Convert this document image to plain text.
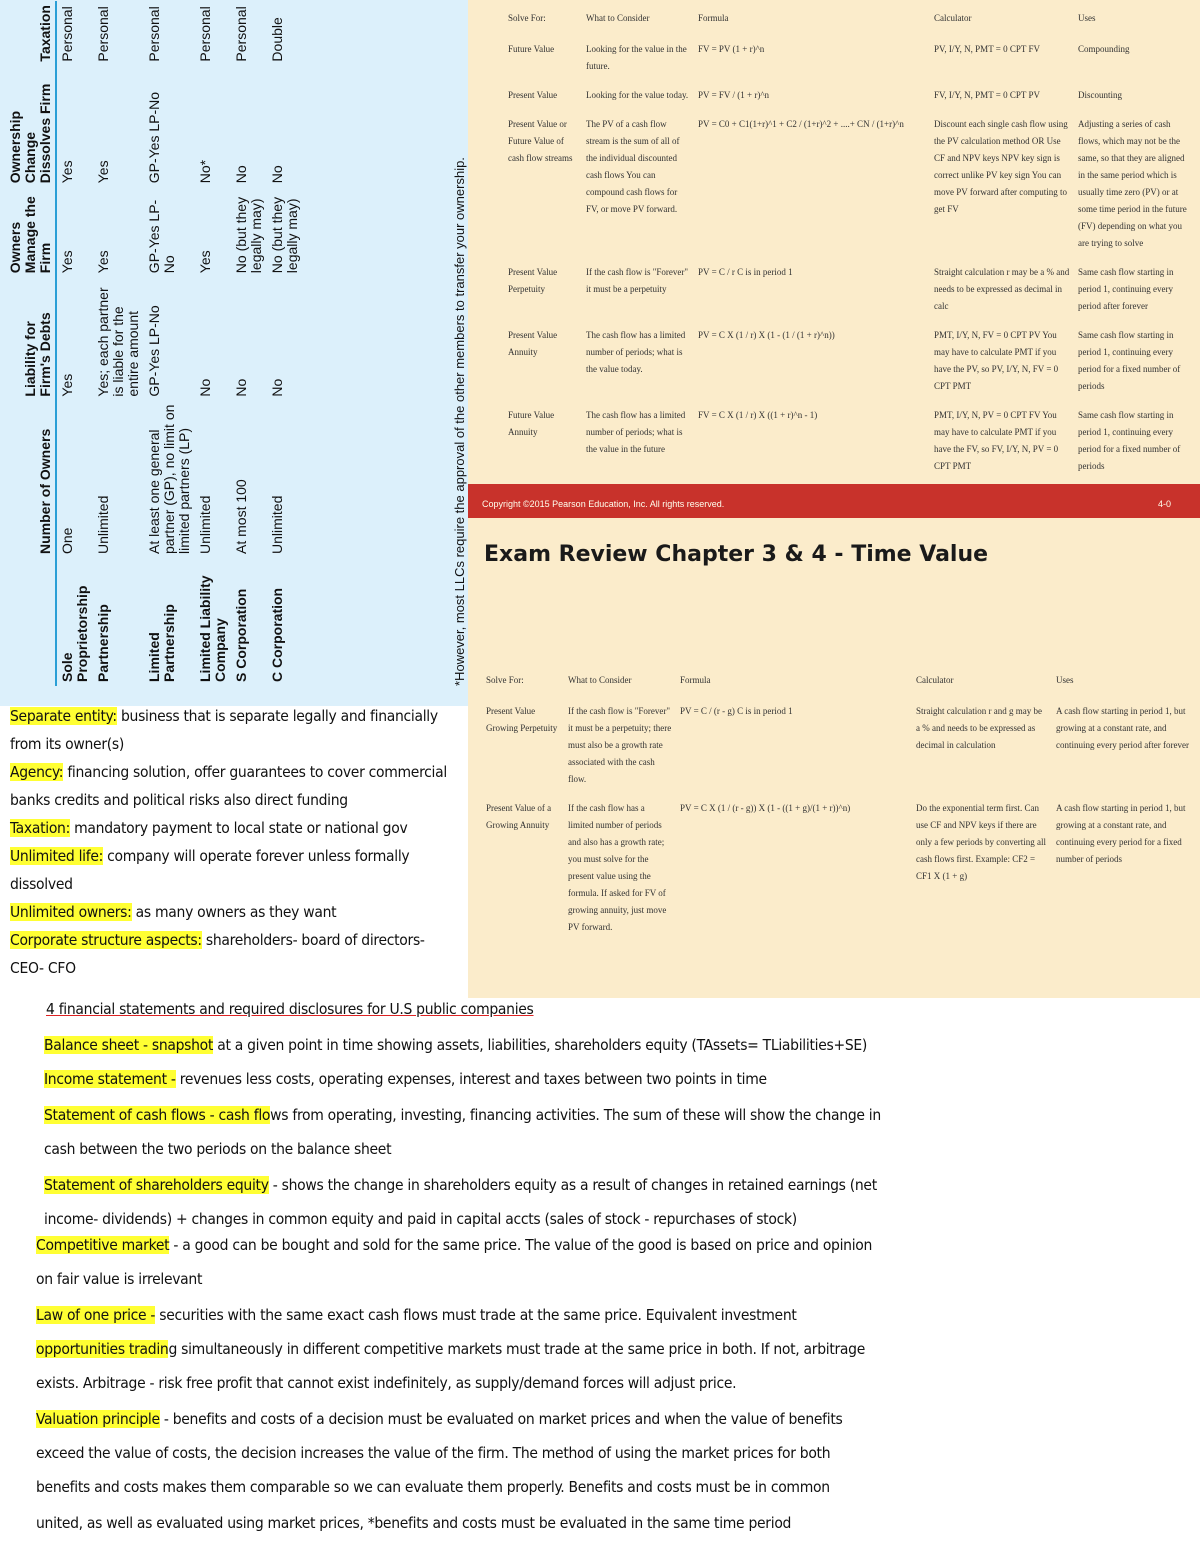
	Number of Owners	Liability for Firm's Debts	Owners Manage the Firm	Ownership Change Dissolves Firm	Taxation
Sole Proprietorship	One	Yes	Yes	Yes	Personal
Partnership	Unlimited	Yes; each partner is liable for the entire amount	Yes	Yes	Personal
Limited Partnership	At least one general partner (GP), no limit on limited partners (LP)	GP-Yes LP-No	GP-Yes LP-No	GP-Yes LP-No	Personal
Limited Liability Company	Unlimited	No	Yes	No*	Personal
S Corporation	At most 100	No	No (but they legally may)	No	Personal
C Corporation	Unlimited	No	No (but they legally may)	No	Double
*However, most LLCs require the approval of the other members to transfer your ownership.
Solve For:	What to Consider	Formula	Calculator	Uses
Future Value	Looking for the value in the future.	FV = PV (1 + r)^n	PV, I/Y, N, PMT = 0 CPT FV	Compounding
Present Value	Looking for the value today.	PV = FV / (1 + r)^n	FV, I/Y, N, PMT = 0 CPT PV	Discounting
Present Value or Future Value of cash flow streams	The PV of a cash flow stream is the sum of all of the individual discounted cash flows You can compound cash flows for FV, or move PV forward.	PV = C0 + C1(1+r)^1 + C2 / (1+r)^2 + ....+ CN / (1+r)^n	Discount each single cash flow using the PV calculation method OR Use CF and NPV keys NPV key sign is correct unlike PV key sign You can move PV forward after computing to get FV	Adjusting a series of cash flows, which may not be the same, so that they are aligned in the same period which is usually time zero (PV) or at some time period in the future (FV) depending on what you are trying to solve
Present Value Perpetuity	If the cash flow is "Forever" it must be a perpetuity	PV = C / r C is in period 1	Straight calculation r may be a % and needs to be expressed as decimal in calc	Same cash flow starting in period 1, continuing every period after forever
Present Value Annuity	The cash flow has a limited number of periods; what is the value today.	PV = C X (1 / r) X (1 - (1 / (1 + r)^n))	PMT, I/Y, N, FV = 0 CPT PV You may have to calculate PMT if you have the PV, so PV, I/Y, N, FV = 0 CPT PMT	Same cash flow starting in period 1, continuing every period for a fixed number of periods
Future Value Annuity	The cash flow has a limited number of periods; what is the value in the future	FV = C X (1 / r) X ((1 + r)^n - 1)	PMT, I/Y, N, PV = 0 CPT FV You may have to calculate PMT if you have the FV, so FV, I/Y, N, PV = 0 CPT PMT	Same cash flow starting in period 1, continuing every period for a fixed number of periods
Copyright ©2015 Pearson Education, Inc. All rights reserved.	4-0
Exam Review Chapter 3 & 4 - Time Value
Solve For:	What to Consider	Formula	Calculator	Uses
Present Value Growing Perpetuity	If the cash flow is "Forever" it must be a perpetuity; there must also be a growth rate associated with the cash flow.	PV = C / (r - g) C is in period 1	Straight calculation r and g may be a % and needs to be expressed as decimal in calculation	A cash flow starting in period 1, but growing at a constant rate, and continuing every period after forever
Present Value of a Growing Annuity	If the cash flow has a limited number of periods and also has a growth rate; you must solve for the present value using the formula. If asked for FV of growing annuity, just move PV forward.	PV = C X (1 / (r - g)) X (1 - ((1 + g)/(1 + r))^n)	Do the exponential term first. Can use CF and NPV keys if there are only a few periods by converting all cash flows first. Example: CF2 = CF1 X (1 + g)	A cash flow starting in period 1, but growing at a constant rate, and continuing every period for a fixed number of periods

Separate entity: business that is separate legally and financially from its owner(s)

Agency: financing solution, offer guarantees to cover commercial banks credits and political risks also direct funding

Taxation: mandatory payment to local state or national gov

Unlimited life: company will operate forever unless formally dissolved

Unlimited owners: as many owners as they want

Corporate structure aspects: shareholders- board of directors- CEO- CFO

4 financial statements and required disclosures for U.S public companies
Balance sheet - snapshot at a given point in time showing assets, liabilities, shareholders equity (TAssets= TLiabilities+SE)
Income statement - revenues less costs, operating expenses, interest and taxes between two points in time
Statement of cash flows - cash flows from operating, investing, financing activities. The sum of these will show the change in
cash between the two periods on the balance sheet
Statement of shareholders equity - shows the change in shareholders equity as a result of changes in retained earnings (net
income- dividends) + changes in common equity and paid in capital accts (sales of stock - repurchases of stock)
Competitive market - a good can be bought and sold for the same price. The value of the good is based on price and opinion
on fair value is irrelevant
Law of one price - securities with the same exact cash flows must trade at the same price. Equivalent investment
opportunities trading simultaneously in different competitive markets must trade at the same price in both. If not, arbitrage
exists. Arbitrage - risk free profit that cannot exist indefinitely, as supply/demand forces will adjust price.
Valuation principle - benefits and costs of a decision must be evaluated on market prices and when the value of benefits
exceed the value of costs, the decision increases the value of the firm. The method of using the market prices for both
benefits and costs makes them comparable so we can evaluate them properly. Benefits and costs must be in common
united, as well as evaluated using market prices, *benefits and costs must be evaluated in the same time period
